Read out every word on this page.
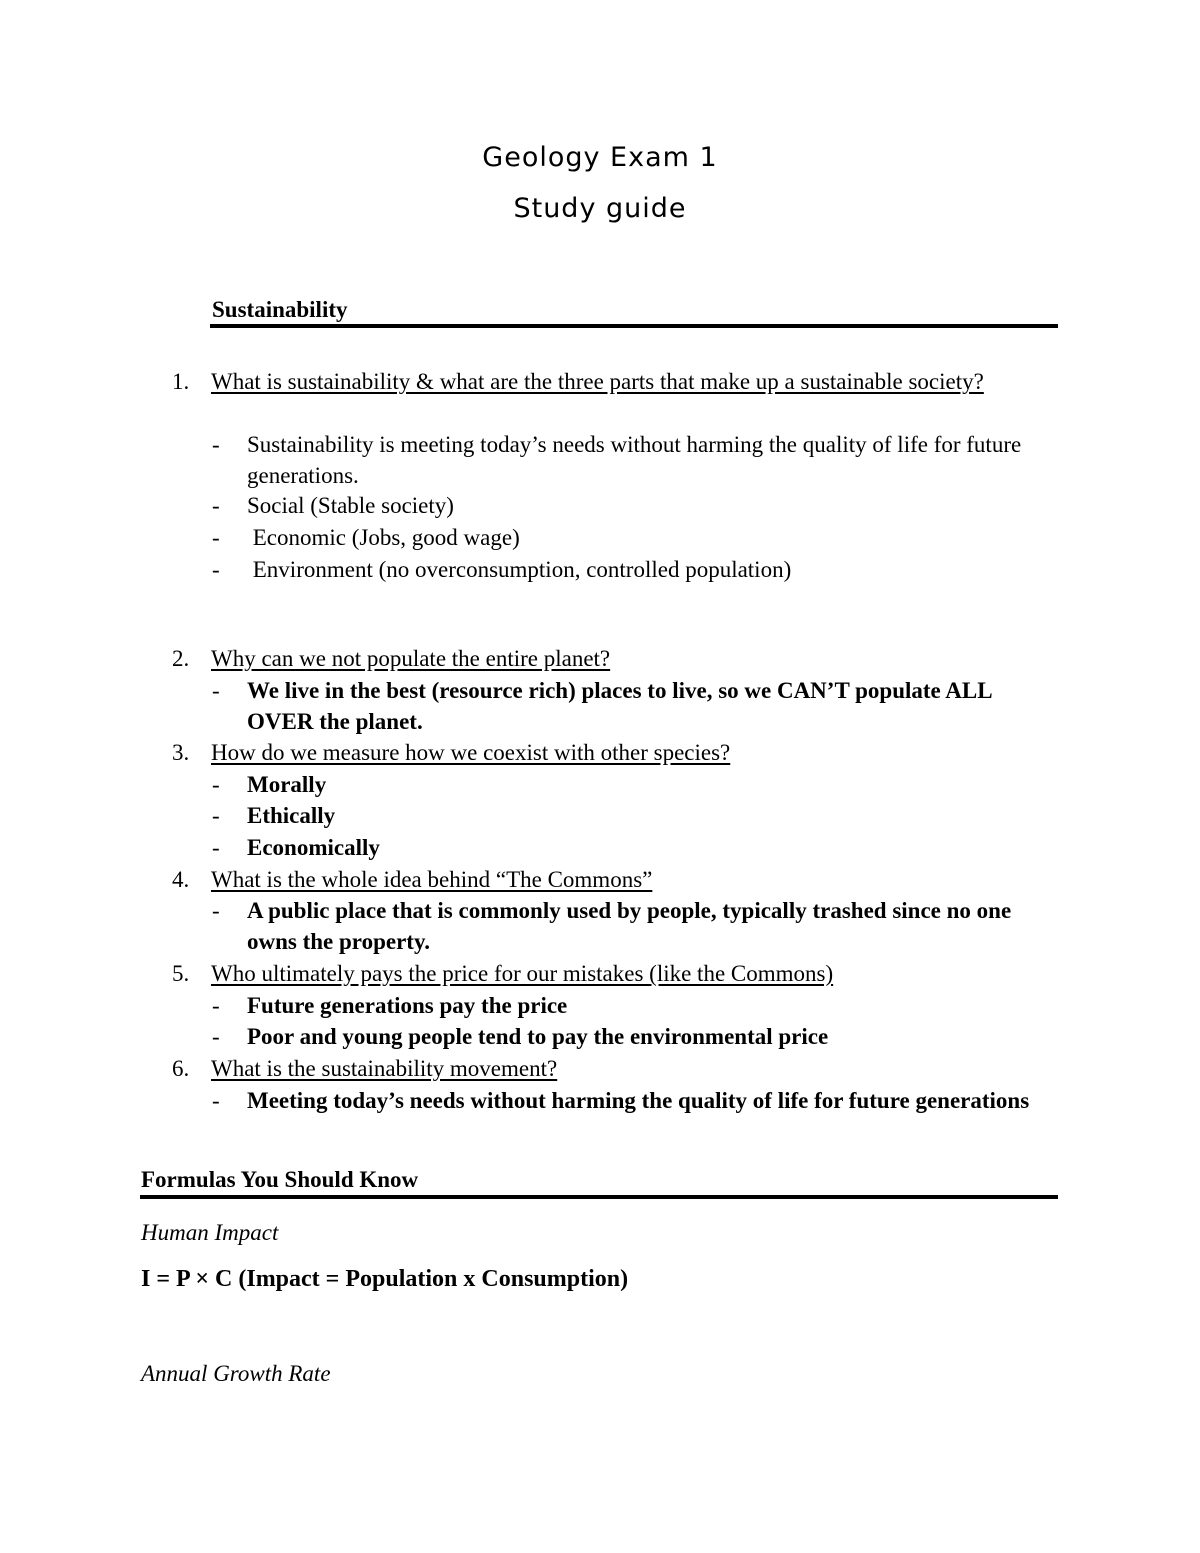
Geology Exam 1
Study guide
Sustainability
1. What is sustainability & what are the three parts that make up a sustainable society?
- Sustainability is meeting today’s needs without harming the quality of life for future generations.
- Social (Stable society)
- Economic (Jobs, good wage)
- Environment (no overconsumption, controlled population)
2. Why can we not populate the entire planet?
- We live in the best (resource rich) places to live, so we CAN’T populate ALL OVER the planet.
3. How do we measure how we coexist with other species?
- Morally
- Ethically
- Economically
4. What is the whole idea behind “The Commons”
- A public place that is commonly used by people, typically trashed since no one owns the property.
5. Who ultimately pays the price for our mistakes (like the Commons)
- Future generations pay the price
- Poor and young people tend to pay the environmental price
6. What is the sustainability movement?
- Meeting today’s needs without harming the quality of life for future generations
Formulas You Should Know
Human Impact
I = P × C (Impact = Population x Consumption)
Annual Growth Rate
